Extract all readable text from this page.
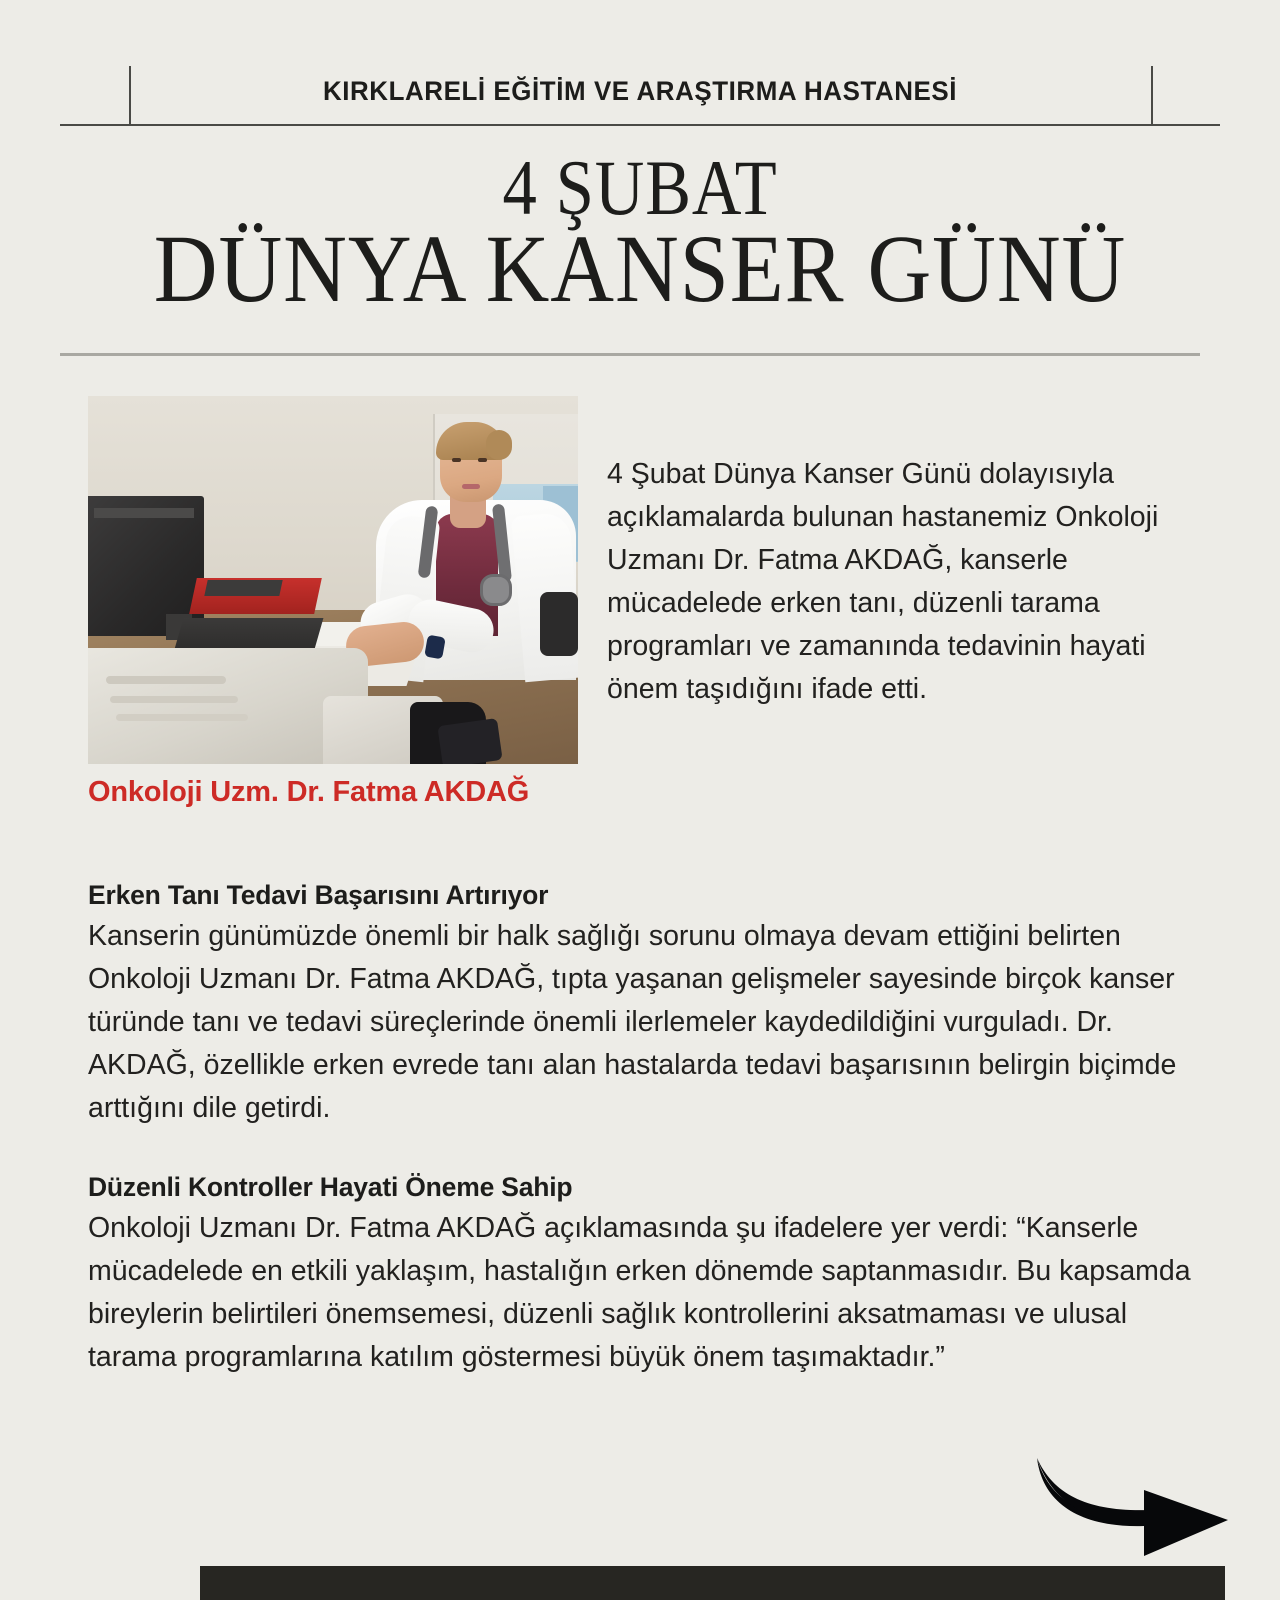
KIRKLARELİ EĞİTİM VE ARAŞTIRMA HASTANESİ
4 ŞUBAT
DÜNYA KANSER GÜNÜ
Onkoloji Uzm. Dr. Fatma AKDAĞ
4 Şubat Dünya Kanser Günü dolayısıyla açıklamalarda bulunan hastanemiz Onkoloji Uzmanı Dr. Fatma AKDAĞ, kanserle mücadelede erken tanı, düzenli tarama programları ve zamanında tedavinin hayati önem taşıdığını ifade etti.

Erken Tanı Tedavi Başarısını Artırıyor

Kanserin günümüzde önemli bir halk sağlığı sorunu olmaya devam ettiğini belirten Onkoloji Uzmanı Dr. Fatma AKDAĞ, tıpta yaşanan gelişmeler sayesinde birçok kanser türünde tanı ve tedavi süreçlerinde önemli ilerlemeler kaydedildiğini vurguladı. Dr. AKDAĞ, özellikle erken evrede tanı alan hastalarda tedavi başarısının belirgin biçimde arttığını dile getirdi.

Düzenli Kontroller Hayati Öneme Sahip

Onkoloji Uzmanı Dr. Fatma AKDAĞ açıklamasında şu ifadelere yer verdi: “Kanserle mücadelede en etkili yaklaşım, hastalığın erken dönemde saptanmasıdır. Bu kapsamda bireylerin belirtileri önemsemesi, düzenli sağlık kontrollerini aksatmaması ve ulusal tarama programlarına katılım göstermesi büyük önem taşımaktadır.”
